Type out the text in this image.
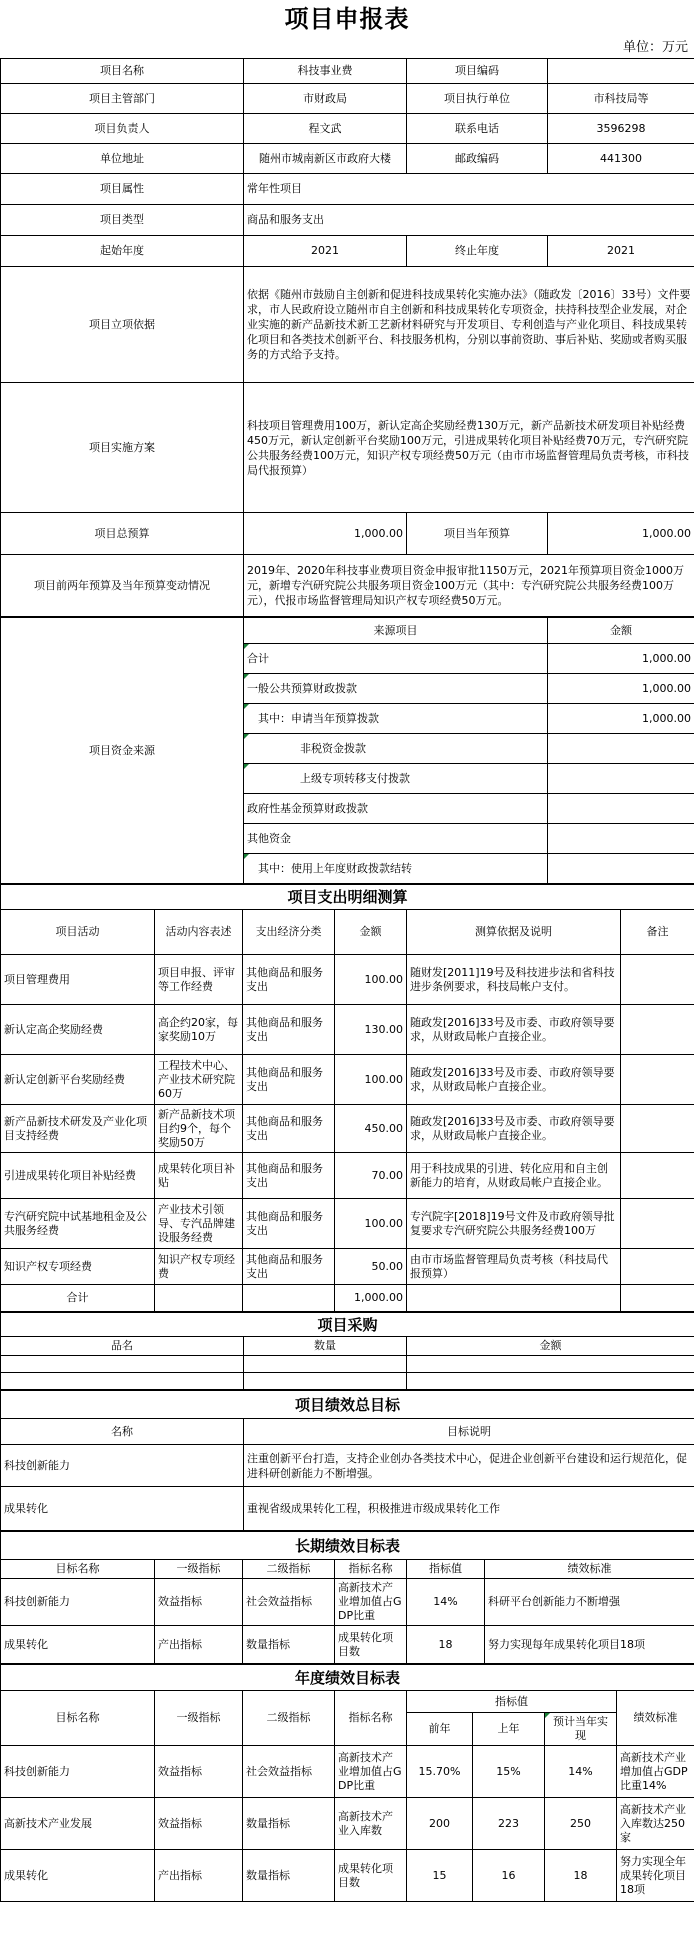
项目申报表
单位：万元
项目名称	科技事业费	项目编码	
项目主管部门	市财政局	项目执行单位	市科技局等
项目负责人	程文武	联系电话	3596298
单位地址	随州市城南新区市政府大楼	邮政编码	441300
项目属性	常年性项目		
项目类型	商品和服务支出		
起始年度	2021	终止年度	2021
项目立项依据	依据《随州市鼓励自主创新和促进科技成果转化实施办法》（随政发〔2016〕33号）文件要求，市人民政府设立随州市自主创新和科技成果转化专项资金，扶持科技型企业发展，对企业实施的新产品新技术新工艺新材料研究与开发项目、专利创造与产业化项目、科技成果转化项目和各类技术创新平台、科技服务机构，分别以事前资助、事后补贴、奖励或者购买服务的方式给予支持。		
项目实施方案	科技项目管理费用100万，新认定高企奖励经费130万元，新产品新技术研发项目补贴经费450万元，新认定创新平台奖励100万元，引进成果转化项目补贴经费70万元，专汽研究院公共服务经费100万元，知识产权专项经费50万元（由市市场监督管理局负责考核，市科技局代报预算）		
项目总预算	1,000.00	项目当年预算	1,000.00
项目前两年预算及当年预算变动情况	2019年、2020年科技事业费项目资金申报审批1150万元，2021年预算项目资金1000万元，新增专汽研究院公共服务项目资金100万元（其中：专汽研究院公共服务经费100万元），代报市场监督管理局知识产权专项经费50万元。		
项目资金来源	来源项目	金额
	合计	1,000.00
	一般公共预算财政拨款	1,000.00
	其中：申请当年预算拨款	1,000.00
	非税资金拨款	
	上级专项转移支付拨款	
	政府性基金预算财政拨款	
	其他资金	
	其中：使用上年度财政拨款结转	
项目支出明细测算					
项目活动	活动内容表述	支出经济分类	金额	测算依据及说明	备注
项目管理费用	项目申报、评审等工作经费	其他商品和服务支出	100.00	随财发[2011]19号及科技进步法和省科技进步条例要求，科技局帐户支付。	
新认定高企奖励经费	高企约20家，每家奖励10万	其他商品和服务支出	130.00	随政发[2016]33号及市委、市政府领导要求，从财政局帐户直接企业。	
新认定创新平台奖励经费	工程技术中心、产业技术研究院60万	其他商品和服务支出	100.00	随政发[2016]33号及市委、市政府领导要求，从财政局帐户直接企业。	
新产品新技术研发及产业化项目支持经费	新产品新技术项目约9个，每个奖励50万	其他商品和服务支出	450.00	随政发[2016]33号及市委、市政府领导要求，从财政局帐户直接企业。	
引进成果转化项目补贴经费	成果转化项目补贴	其他商品和服务支出	70.00	用于科技成果的引进、转化应用和自主创新能力的培育，从财政局帐户直接企业。	
专汽研究院中试基地租金及公共服务经费	产业技术引领导、专汽品牌建设服务经费	其他商品和服务支出	100.00	专汽院字[2018]19号文件及市政府领导批复要求专汽研究院公共服务经费100万	
知识产权专项经费	知识产权专项经费	其他商品和服务支出	50.00	由市市场监督管理局负责考核（科技局代报预算）	
合计			1,000.00		
项目采购		
品名	数量	金额

项目绩效总目标	
名称	目标说明
科技创新能力	注重创新平台打造，支持企业创办各类技术中心，促进企业创新平台建设和运行规范化，促进科研创新能力不断增强。
成果转化	重视省级成果转化工程，积极推进市级成果转化工作
长期绩效目标表					
目标名称	一级指标	二级指标	指标名称	指标值	绩效标准
科技创新能力	效益指标	社会效益指标	高新技术产业增加值占GDP比重	14%	科研平台创新能力不断增强
成果转化	产出指标	数量指标	成果转化项目数	18	努力实现每年成果转化项目18项
年度绩效目标表							
目标名称	一级指标	二级指标	指标名称	指标值			绩效标准
				前年	上年	预计当年实现	
科技创新能力	效益指标	社会效益指标	高新技术产业增加值占GDP比重	15.70%	15%	14%	高新技术产业增加值占GDP比重14%
高新技术产业发展	效益指标	数量指标	高新技术产业入库数	200	223	250	高新技术产业入库数达250家
成果转化	产出指标	数量指标	成果转化项目数	15	16	18	努力实现全年成果转化项目18项
